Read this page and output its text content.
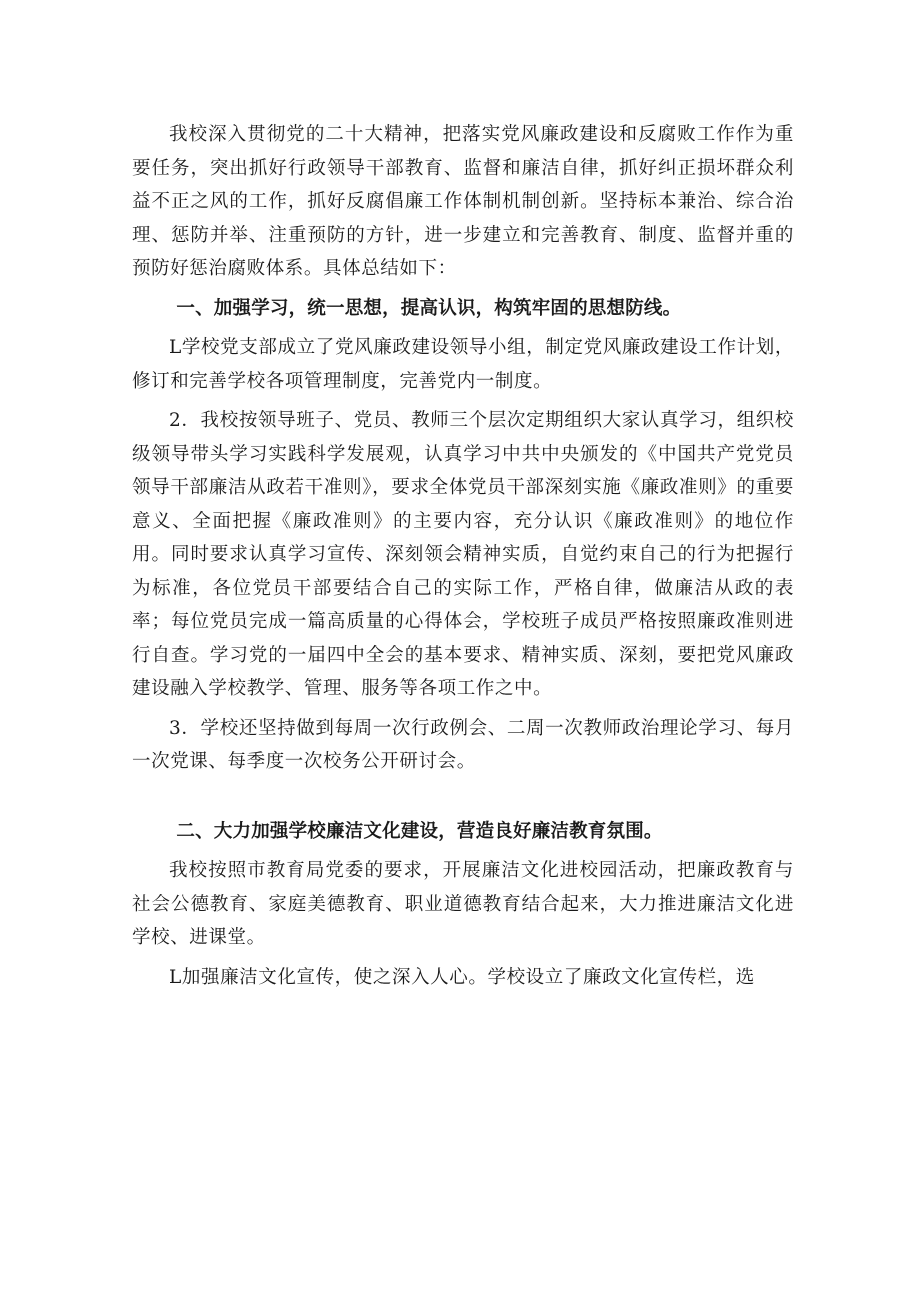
我校深入贯彻党的二十大精神，把落实党风廉政建设和反腐败工作作为重要任务，突出抓好行政领导干部教育、监督和廉洁自律，抓好纠正损坏群众利益不正之风的工作，抓好反腐倡廉工作体制机制创新。坚持标本兼治、综合治理、惩防并举、注重预防的方针，进一步建立和完善教育、制度、监督并重的预防好惩治腐败体系。具体总结如下：

一、加强学习，统一思想，提高认识，构筑牢固的思想防线。

L学校党支部成立了党风廉政建设领导小组，制定党风廉政建设工作计划，修订和完善学校各项管理制度，完善党内一制度。

2．我校按领导班子、党员、教师三个层次定期组织大家认真学习，组织校级领导带头学习实践科学发展观，认真学习中共中央颁发的《中国共产党党员领导干部廉洁从政若干准则》，要求全体党员干部深刻实施《廉政准则》的重要意义、全面把握《廉政准则》的主要内容，充分认识《廉政准则》的地位作用。同时要求认真学习宣传、深刻领会精神实质，自觉约束自己的行为把握行为标准，各位党员干部要结合自己的实际工作，严格自律，做廉洁从政的表率；每位党员完成一篇高质量的心得体会，学校班子成员严格按照廉政准则进行自查。学习党的一届四中全会的基本要求、精神实质、深刻，要把党风廉政建设融入学校教学、管理、服务等各项工作之中。

3．学校还坚持做到每周一次行政例会、二周一次教师政治理论学习、每月一次党课、每季度一次校务公开研讨会。

二、大力加强学校廉洁文化建设，营造良好廉洁教育氛围。

我校按照市教育局党委的要求，开展廉洁文化进校园活动，把廉政教育与社会公德教育、家庭美德教育、职业道德教育结合起来，大力推进廉洁文化进学校、进课堂。

L加强廉洁文化宣传，使之深入人心。学校设立了廉政文化宣传栏，选
